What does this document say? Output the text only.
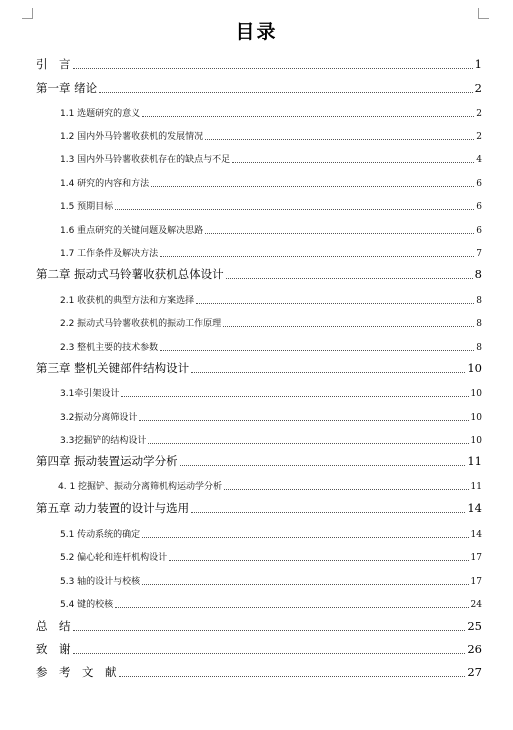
目录
引　言	1
第一章 绪论	2
1.1 选题研究的意义	2
1.2 国内外马铃薯收获机的发展情况	2
1.3 国内外马铃薯收获机存在的缺点与不足	4
1.4 研究的内容和方法	6
1.5 预期目标	6
1.6 重点研究的关键问题及解决思路	6
1.7 工作条件及解决方法	7
第二章 振动式马铃薯收获机总体设计	8
2.1 收获机的典型方法和方案选择	8
2.2 振动式马铃薯收获机的振动工作原理	8
2.3 整机主要的技术参数	8
第三章 整机关键部件结构设计	10
3.1牵引架设计	10
3.2振动分离筛设计	10
3.3挖掘铲的结构设计	10
第四章 振动装置运动学分析	11
4. 1 挖掘铲、振动分离筛机构运动学分析	11
第五章 动力装置的设计与选用	14
5.1 传动系统的确定	14
5.2 偏心轮和连杆机构设计	17
5.3 轴的设计与校核	17
5.4 键的校核	24
总　结	25
致　谢	26
参　考　文　献	27
